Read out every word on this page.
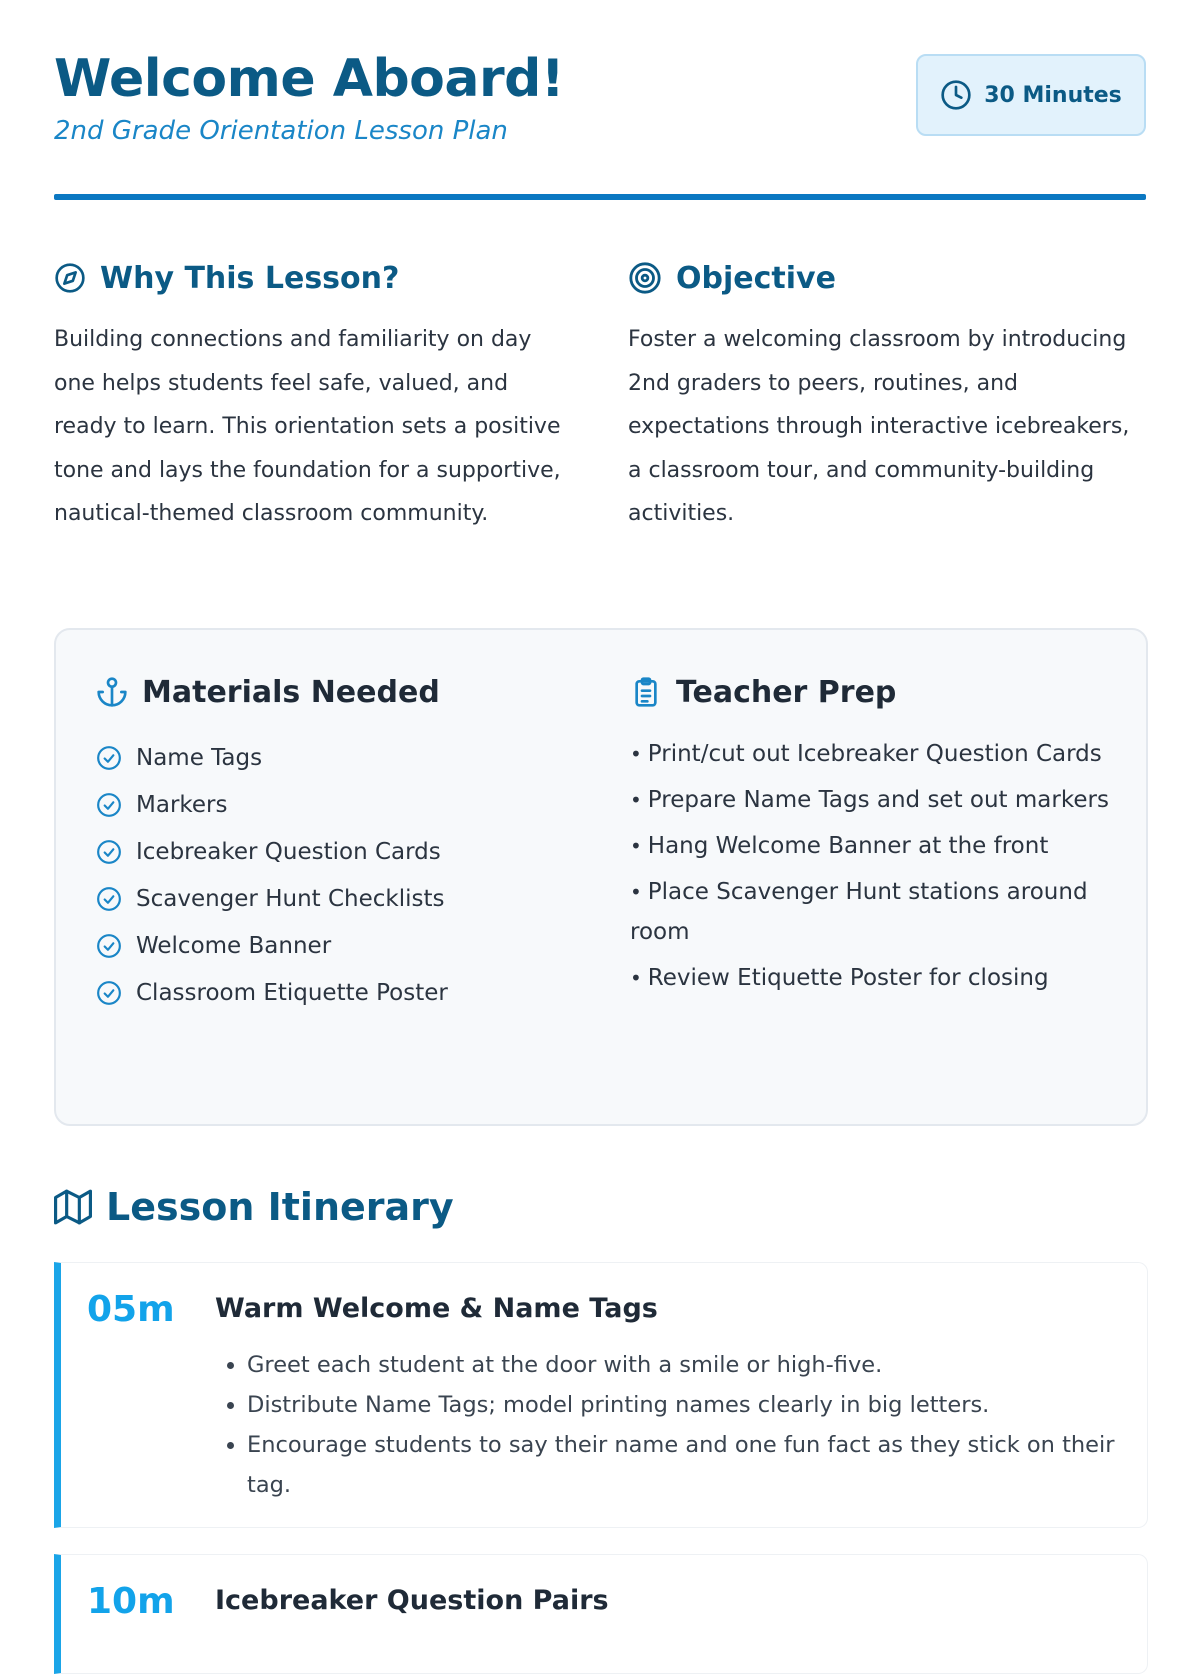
Welcome Aboard!
2nd Grade Orientation Lesson Plan
30 Minutes
Why This Lesson?

Building connections and familiarity on day one helps students feel safe, valued, and ready to learn. This orientation sets a positive tone and lays the foundation for a supportive, nautical-themed classroom community.

Objective

Foster a welcoming classroom by introducing 2nd graders to peers, routines, and expectations through interactive icebreakers, a classroom tour, and community-building activities.

Materials Needed
Name Tags
Markers
Icebreaker Question Cards
Scavenger Hunt Checklists
Welcome Banner
Classroom Etiquette Poster
Teacher Prep
• Print/cut out Icebreaker Question Cards
• Prepare Name Tags and set out markers
• Hang Welcome Banner at the front
• Place Scavenger Hunt stations around room
• Review Etiquette Poster for closing
Lesson Itinerary
05m Warm Welcome & Name Tags
• Greet each student at the door with a smile or high-five.
• Distribute Name Tags; model printing names clearly in big letters.
• Encourage students to say their name and one fun fact as they stick on their tag.
10m Icebreaker Question Pairs
